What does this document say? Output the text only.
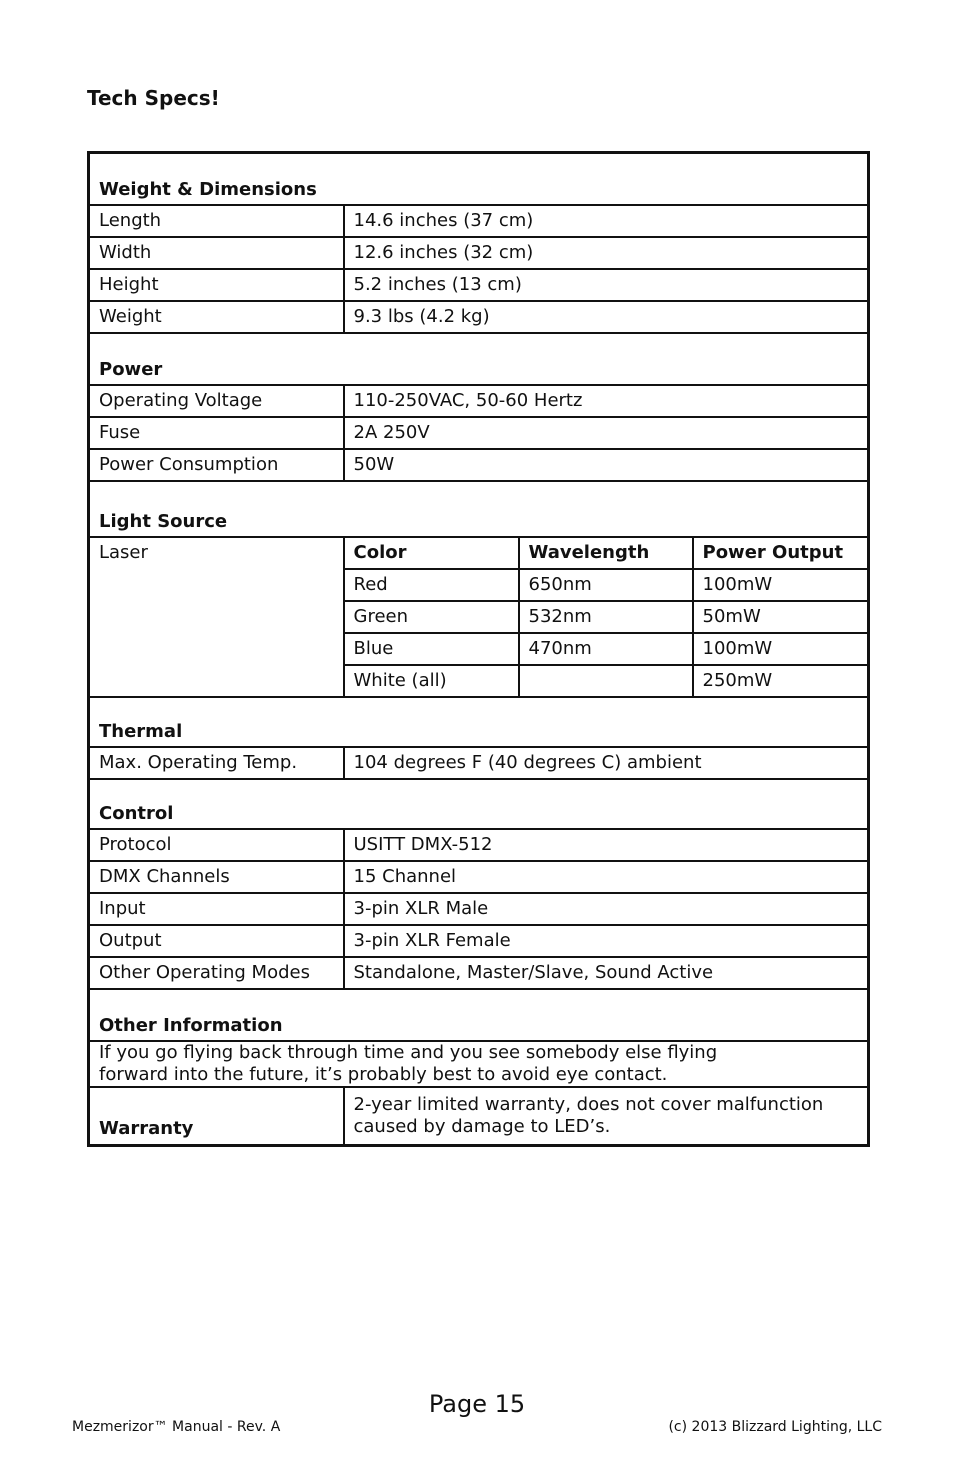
Tech Specs!
Weight & Dimensions			
Length	14.6 inches (37 cm)		
Width	12.6 inches (32 cm)		
Height	5.2 inches (13 cm)		
Weight	9.3 lbs (4.2 kg)		
Power			
Operating Voltage	110-250VAC, 50-60 Hertz		
Fuse	2A 250V		
Power Consumption	50W		
Light Source			
Laser	Color	Wavelength	Power Output
	Red	650nm	100mW
	Green	532nm	50mW
	Blue	470nm	100mW
	White (all)		250mW
Thermal			
Max. Operating Temp.	104 degrees F (40 degrees C) ambient		
Control			
Protocol	USITT DMX-512		
DMX Channels	15 Channel		
Input	3-pin XLR Male		
Output	3-pin XLR Female		
Other Operating Modes	Standalone, Master/Slave, Sound Active		
Other Information			
If you go flying back through time and you see somebody else flying
forward into the future, it’s probably best to avoid eye contact.			
Warranty	2-year limited warranty, does not cover malfunction
caused by damage to LED’s.		
Page 15
Mezmerizor™ Manual - Rev. A	(c) 2013 Blizzard Lighting, LLC
